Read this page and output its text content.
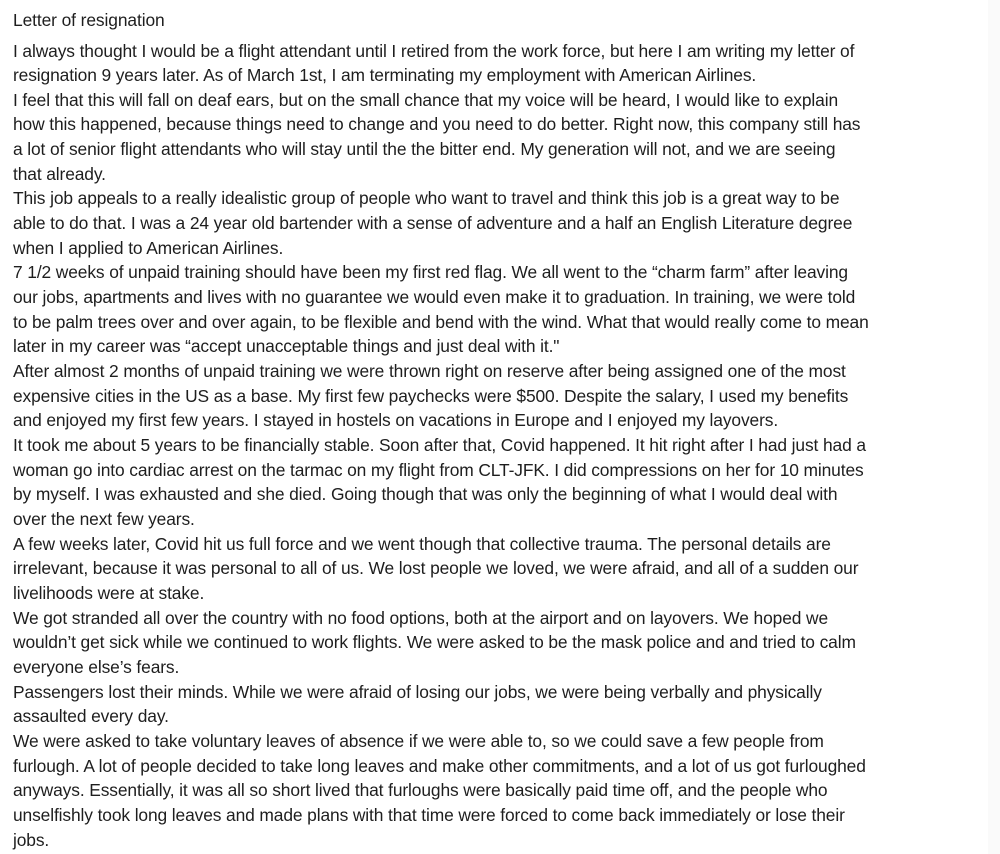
Letter of resignation
I always thought I would be a flight attendant until I retired from the work force, but here I am writing my letter of
resignation 9 years later. As of March 1st, I am terminating my employment with American Airlines.
I feel that this will fall on deaf ears, but on the small chance that my voice will be heard, I would like to explain
how this happened, because things need to change and you need to do better. Right now, this company still has
a lot of senior flight attendants who will stay until the the bitter end. My generation will not, and we are seeing
that already.
This job appeals to a really idealistic group of people who want to travel and think this job is a great way to be
able to do that. I was a 24 year old bartender with a sense of adventure and a half an English Literature degree
when I applied to American Airlines.
7 1/2 weeks of unpaid training should have been my first red flag. We all went to the “charm farm” after leaving
our jobs, apartments and lives with no guarantee we would even make it to graduation. In training, we were told
to be palm trees over and over again, to be flexible and bend with the wind. What that would really come to mean
later in my career was “accept unacceptable things and just deal with it."
After almost 2 months of unpaid training we were thrown right on reserve after being assigned one of the most
expensive cities in the US as a base. My first few paychecks were $500. Despite the salary, I used my benefits
and enjoyed my first few years. I stayed in hostels on vacations in Europe and I enjoyed my layovers.
It took me about 5 years to be financially stable. Soon after that, Covid happened. It hit right after I had just had a
woman go into cardiac arrest on the tarmac on my flight from CLT-JFK. I did compressions on her for 10 minutes
by myself. I was exhausted and she died. Going though that was only the beginning of what I would deal with
over the next few years.
A few weeks later, Covid hit us full force and we went though that collective trauma. The personal details are
irrelevant, because it was personal to all of us. We lost people we loved, we were afraid, and all of a sudden our
livelihoods were at stake.
We got stranded all over the country with no food options, both at the airport and on layovers. We hoped we
wouldn’t get sick while we continued to work flights. We were asked to be the mask police and and tried to calm
everyone else’s fears.
Passengers lost their minds. While we were afraid of losing our jobs, we were being verbally and physically
assaulted every day.
We were asked to take voluntary leaves of absence if we were able to, so we could save a few people from
furlough. A lot of people decided to take long leaves and make other commitments, and a lot of us got furloughed
anyways. Essentially, it was all so short lived that furloughs were basically paid time off, and the people who
unselfishly took long leaves and made plans with that time were forced to come back immediately or lose their
jobs.
